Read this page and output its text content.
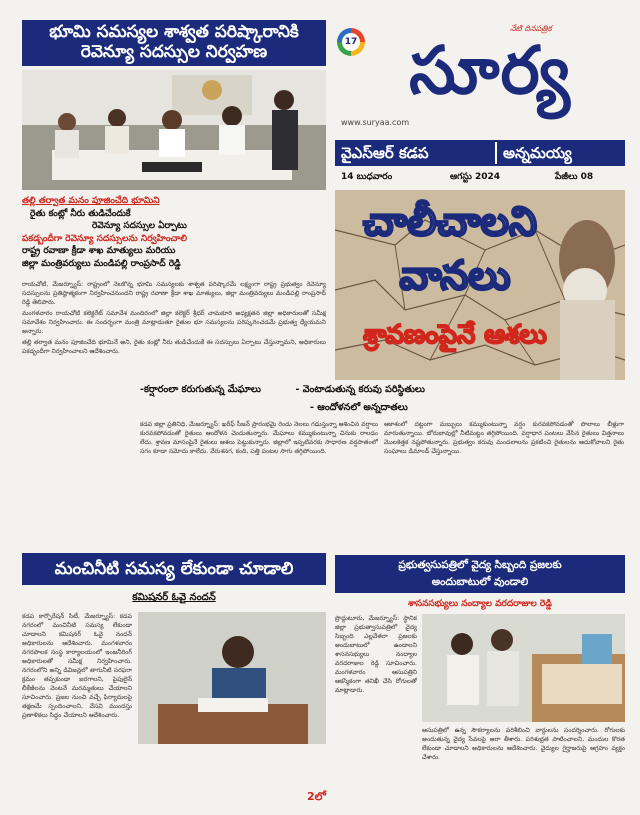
భూమి సమస్యల శాశ్వత పరిష్కారానికి
రెవెన్యూ సదస్సుల నిర్వహణ
తల్లి తర్వాత మనం పూజించేది భూమిని
రైతు కంట్లో నీరు తుడిచేందుకే
రెవెన్యూ సదస్సుల ఏర్పాటు
పకడ్బందీగా రెవెన్యూ సదస్సులను నిర్వహించాలి
రాష్ట్ర రవాణా క్రీడా శాఖ మాత్యులు మరియు
జిల్లా మంత్రివర్యులు మండిపల్లి రాంప్రసాద్ రెడ్డి

రాయచోటి, మేజర్న్యూస్: రాష్ట్రంలో నెలకొన్న భూమి సమస్యలకు శాశ్వత పరిష్కారమే లక్ష్యంగా రాష్ట్ర ప్రభుత్వం రెవెన్యూ సదస్సులను ప్రతిష్ఠాత్మకంగా నిర్వహించనుందని రాష్ట్ర రవాణా క్రీడా శాఖ మాత్యులు, జిల్లా మంత్రివర్యులు మండిపల్లి రాంప్రసాద్ రెడ్డి తెలిపారు.

మంగళవారం రాయచోటి కలెక్టరేట్ సమావేశ మందిరంలో జిల్లా కలెక్టర్ శ్రీధర్ చామకూరి అధ్యక్షతన జిల్లా అధికారులతో సమీక్ష సమావేశం నిర్వహించారు. ఈ సందర్భంగా మంత్రి మాట్లాడుతూ రైతుల భూ సమస్యలను పరిష్కరించడమే ప్రభుత్వ ధ్యేయమని అన్నారు.

తల్లి తర్వాత మనం పూజించేది భూమినే అని, రైతు కంట్లో నీరు తుడిచేందుకే ఈ సదస్సులు ఏర్పాటు చేస్తున్నామని, అధికారులు పకడ్బందీగా నిర్వహించాలని ఆదేశించారు.

17
నేటి దినపత్రిక
సూర్య
www.suryaa.com
వైఎస్ఆర్ కడప	అన్నమయ్య
14 బుధవారం	ఆగస్టు 2024	పేజీలు 08
చాలీచాలని
వానలు
శ్రావణంపైనే ఆశలు
-కర్షారంలా కరుగుతున్న మేఘాలు	- వెంటాడుతున్న కరువు పరిస్థితులు
- ఆందోళనలో అన్నదాతలు
కడప జిల్లా ప్రతినిధి, మేజర్న్యూస్: ఖరీఫ్ సీజన్ ప్రారంభమై రెండు నెలలు గడుస్తున్నా ఆశించిన వర్షాలు కురవకపోవడంతో రైతులు ఆందోళన చెందుతున్నారు. మేఘాలు కమ్ముకుంటున్నా చినుకు రాలడం లేదు. శ్రావణ మాసంపైనే రైతులు ఆశలు పెట్టుకున్నారు. జిల్లాలో ఇప్పటివరకు సాధారణ వర్షపాతంలో సగం కూడా నమోదు కాలేదు. వేరుశనగ, కంది, పత్తి పంటల సాగు తగ్గిపోయింది.
ఆకాశంలో దట్టంగా మబ్బులు కమ్ముకుంటున్నా వర్షం కురవకపోవడంతో పొలాలు బీళ్లుగా మారుతున్నాయి. బోరుబావుల్లో నీటిమట్టం తగ్గిపోయింది. వర్షాధార పంటలు వేసిన రైతులు విత్తనాలు మొలకెత్తక నష్టపోతున్నారు. ప్రభుత్వం కరువు మండలాలను ప్రకటించి రైతులను ఆదుకోవాలని రైతు సంఘాలు డిమాండ్ చేస్తున్నాయి.
మంచినీటి సమస్య లేకుండా చూడాలి
కమిషనర్ ఓవై నందన్
కడప కార్పొరేషన్ సిటీ, మేజర్న్యూస్: కడప నగరంలో మంచినీటి సమస్య లేకుండా చూడాలని కమిషనర్ ఓవై నందన్ అధికారులను ఆదేశించారు. మంగళవారం నగరపాలక సంస్థ కార్యాలయంలో ఇంజనీరింగ్ అధికారులతో సమీక్ష నిర్వహించారు. నగరంలోని అన్ని డివిజన్లలో తాగునీటి సరఫరా క్రమం తప్పకుండా జరగాలని, పైపులైన్ లీకేజీలను వెంటనే మరమ్మతులు చేయాలని సూచించారు. ప్రజల నుంచి వచ్చే ఫిర్యాదులపై తక్షణమే స్పందించాలని, వేసవి ముందస్తు ప్రణాళికలు సిద్ధం చేయాలని ఆదేశించారు.
2లో
ప్రభుత్వసుపత్రిలో వైద్య సిబ్బంది ప్రజలకు
అందుబాటులో వుండాలి
శాసనసభ్యులు నంద్యాల వరదరాజుల రెడ్డి
ప్రొద్దుటూరు, మేజర్న్యూస్: స్థానిక జిల్లా ప్రభుత్వాసుపత్రిలో వైద్య సిబ్బంది ఎల్లవేళలా ప్రజలకు అందుబాటులో ఉండాలని శాసనసభ్యులు నంద్యాల వరదరాజుల రెడ్డి సూచించారు. మంగళవారం ఆసుపత్రిని ఆకస్మికంగా తనిఖీ చేసి రోగులతో మాట్లాడారు.
ఆసుపత్రిలో ఉన్న సౌకర్యాలను పరిశీలించి వార్డులను సందర్శించారు. రోగులకు అందుతున్న వైద్య సేవలపై ఆరా తీశారు. పరిశుభ్రత పాటించాలని, మందుల కొరత లేకుండా చూడాలని అధికారులను ఆదేశించారు. వైద్యుల గైర్హాజరుపై ఆగ్రహం వ్యక్తం చేశారు.
